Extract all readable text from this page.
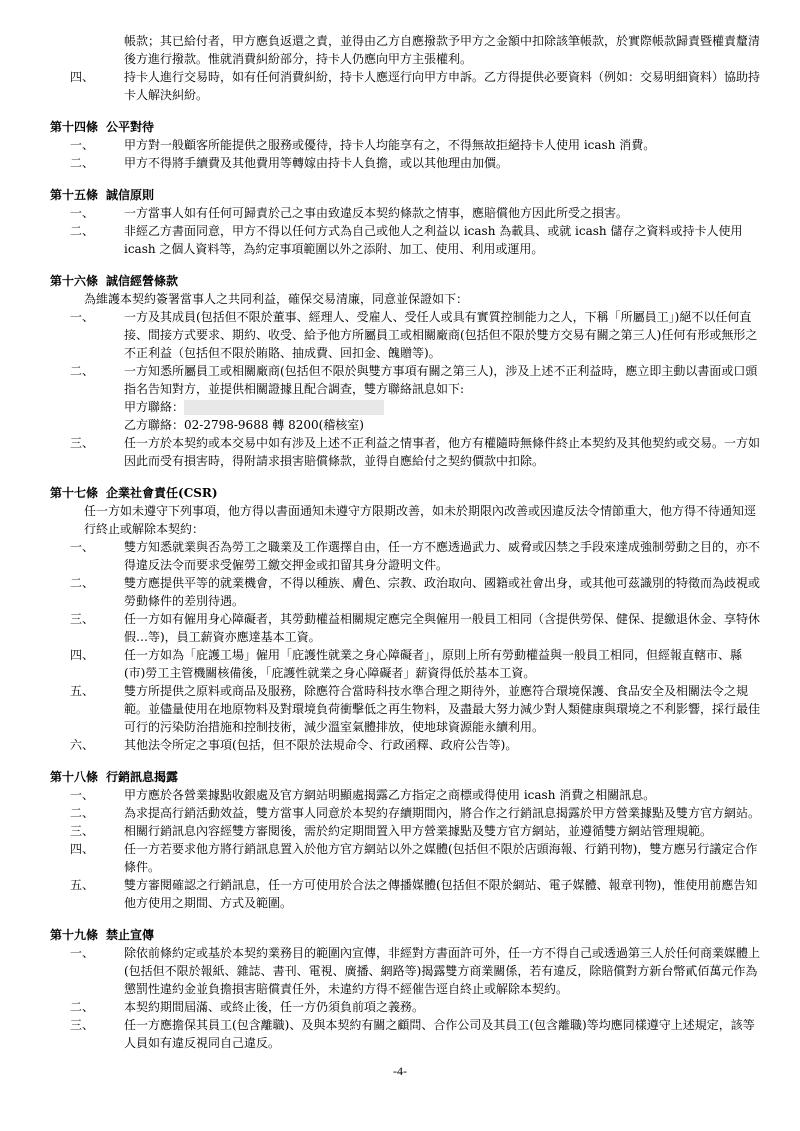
帳款；其已給付者，甲方應負返還之責，並得由乙方自應撥款予甲方之金額中扣除該筆帳款，於實際帳款歸責暨權責釐清後方進行撥款。惟就消費糾紛部分，持卡人仍應向甲方主張權利。
四、	持卡人進行交易時，如有任何消費糾紛，持卡人應逕行向甲方申訴。乙方得提供必要資料（例如：交易明細資料）協助持卡人解決糾紛。
第十四條 公平對待
一、	甲方對一般顧客所能提供之服務或優待，持卡人均能享有之，不得無故拒絕持卡人使用 icash 消費。
二、	甲方不得將手續費及其他費用等轉嫁由持卡人負擔，或以其他理由加價。
第十五條 誠信原則
一、	一方當事人如有任何可歸責於己之事由致違反本契約條款之情事，應賠償他方因此所受之損害。
二、	非經乙方書面同意，甲方不得以任何方式為自己或他人之利益以 icash 為載具、或就 icash 儲存之資料或持卡人使用 icash 之個人資料等，為約定事項範圍以外之添附、加工、使用、利用或運用。
第十六條 誠信經營條款
為維護本契約簽署當事人之共同利益，確保交易清廉，同意並保證如下：
一、	一方及其成員(包括但不限於董事、經理人、受雇人、受任人或具有實質控制能力之人，下稱「所屬員工」)絕不以任何直接、間接方式要求、期約、收受、給予他方所屬員工或相關廠商(包括但不限於雙方交易有關之第三人)任何有形或無形之不正利益（包括但不限於賄賂、抽成費、回扣金、餽贈等)。
二、	一方知悉所屬員工或相關廠商(包括但不限於與雙方事項有關之第三人)，涉及上述不正利益時，應立即主動以書面或口頭指名告知對方，並提供相關證據且配合調查，雙方聯絡訊息如下:
甲方聯絡：
乙方聯絡：02-2798-9688 轉 8200(稽核室)
三、	任一方於本契約或本交易中如有涉及上述不正利益之情事者，他方有權隨時無條件終止本契約及其他契約或交易。一方如因此而受有損害時，得附請求損害賠償條款，並得自應給付之契約價款中扣除。
第十七條 企業社會責任(CSR)
任一方如未遵守下列事項，他方得以書面通知未遵守方限期改善，如未於期限內改善或因違反法令情節重大，他方得不待通知逕行終止或解除本契約：
一、	雙方知悉就業與否為勞工之職業及工作選擇自由，任一方不應透過武力、威脅或囚禁之手段來達成強制勞動之目的，亦不得違反法令而要求受僱勞工繳交押金或扣留其身分證明文件。
二、	雙方應提供平等的就業機會，不得以種族、膚色、宗教、政治取向、國籍或社會出身，或其他可茲識別的特徵而為歧視或勞動條件的差別待遇。
三、	任一方如有僱用身心障礙者，其勞動權益相關規定應完全與僱用一般員工相同（含提供勞保、健保、提繳退休金、享特休假…等)，員工薪資亦應達基本工資。
四、	任一方如為「庇護工場」僱用「庇護性就業之身心障礙者」，原則上所有勞動權益與一般員工相同，但經報直轄市、縣(市)勞工主管機關核備後，「庇護性就業之身心障礙者」薪資得低於基本工資。
五、	雙方所提供之原料或商品及服務，除應符合當時科技水準合理之期待外，並應符合環境保護、食品安全及相關法令之規範。並儘量使用在地原物料及對環境負荷衝擊低之再生物料，及盡最大努力減少對人類健康與環境之不利影響，採行最佳可行的污染防治措施和控制技術，減少溫室氣體排放，使地球資源能永續利用。
六、	其他法令所定之事項(包括，但不限於法規命令、行政函釋、政府公告等)。
第十八條 行銷訊息揭露
一、	甲方應於各營業據點收銀處及官方網站明顯處揭露乙方指定之商標或得使用 icash 消費之相關訊息。
二、	為求提高行銷活動效益，雙方當事人同意於本契約存續期間內，將合作之行銷訊息揭露於甲方營業據點及雙方官方網站。
三、	相關行銷訊息內容經雙方審閱後，需於約定期間置入甲方營業據點及雙方官方網站，並遵循雙方網站管理規範。
四、	任一方若要求他方將行銷訊息置入於他方官方網站以外之媒體(包括但不限於店頭海報、行銷刊物)，雙方應另行議定合作條件。
五、	雙方審閱確認之行銷訊息，任一方可使用於合法之傳播媒體(包括但不限於網站、電子媒體、報章刊物)，惟使用前應告知他方使用之期間、方式及範圍。
第十九條 禁止宣傳
一、	除依前條約定或基於本契約業務目的範圍內宣傳，非經對方書面許可外，任一方不得自己或透過第三人於任何商業媒體上(包括但不限於報紙、雜誌、書刊、電視、廣播、網路等)揭露雙方商業關係，若有違反，除賠償對方新台幣貳佰萬元作為懲罰性違約金並負擔損害賠償責任外，未違約方得不經催告逕自終止或解除本契約。
二、	本契約期間屆滿、或終止後，任一方仍須負前項之義務。
三、	任一方應擔保其員工(包含離職)、及與本契約有關之顧問、合作公司及其員工(包含離職)等均應同樣遵守上述規定，該等人員如有違反視同自己違反。
-4-
